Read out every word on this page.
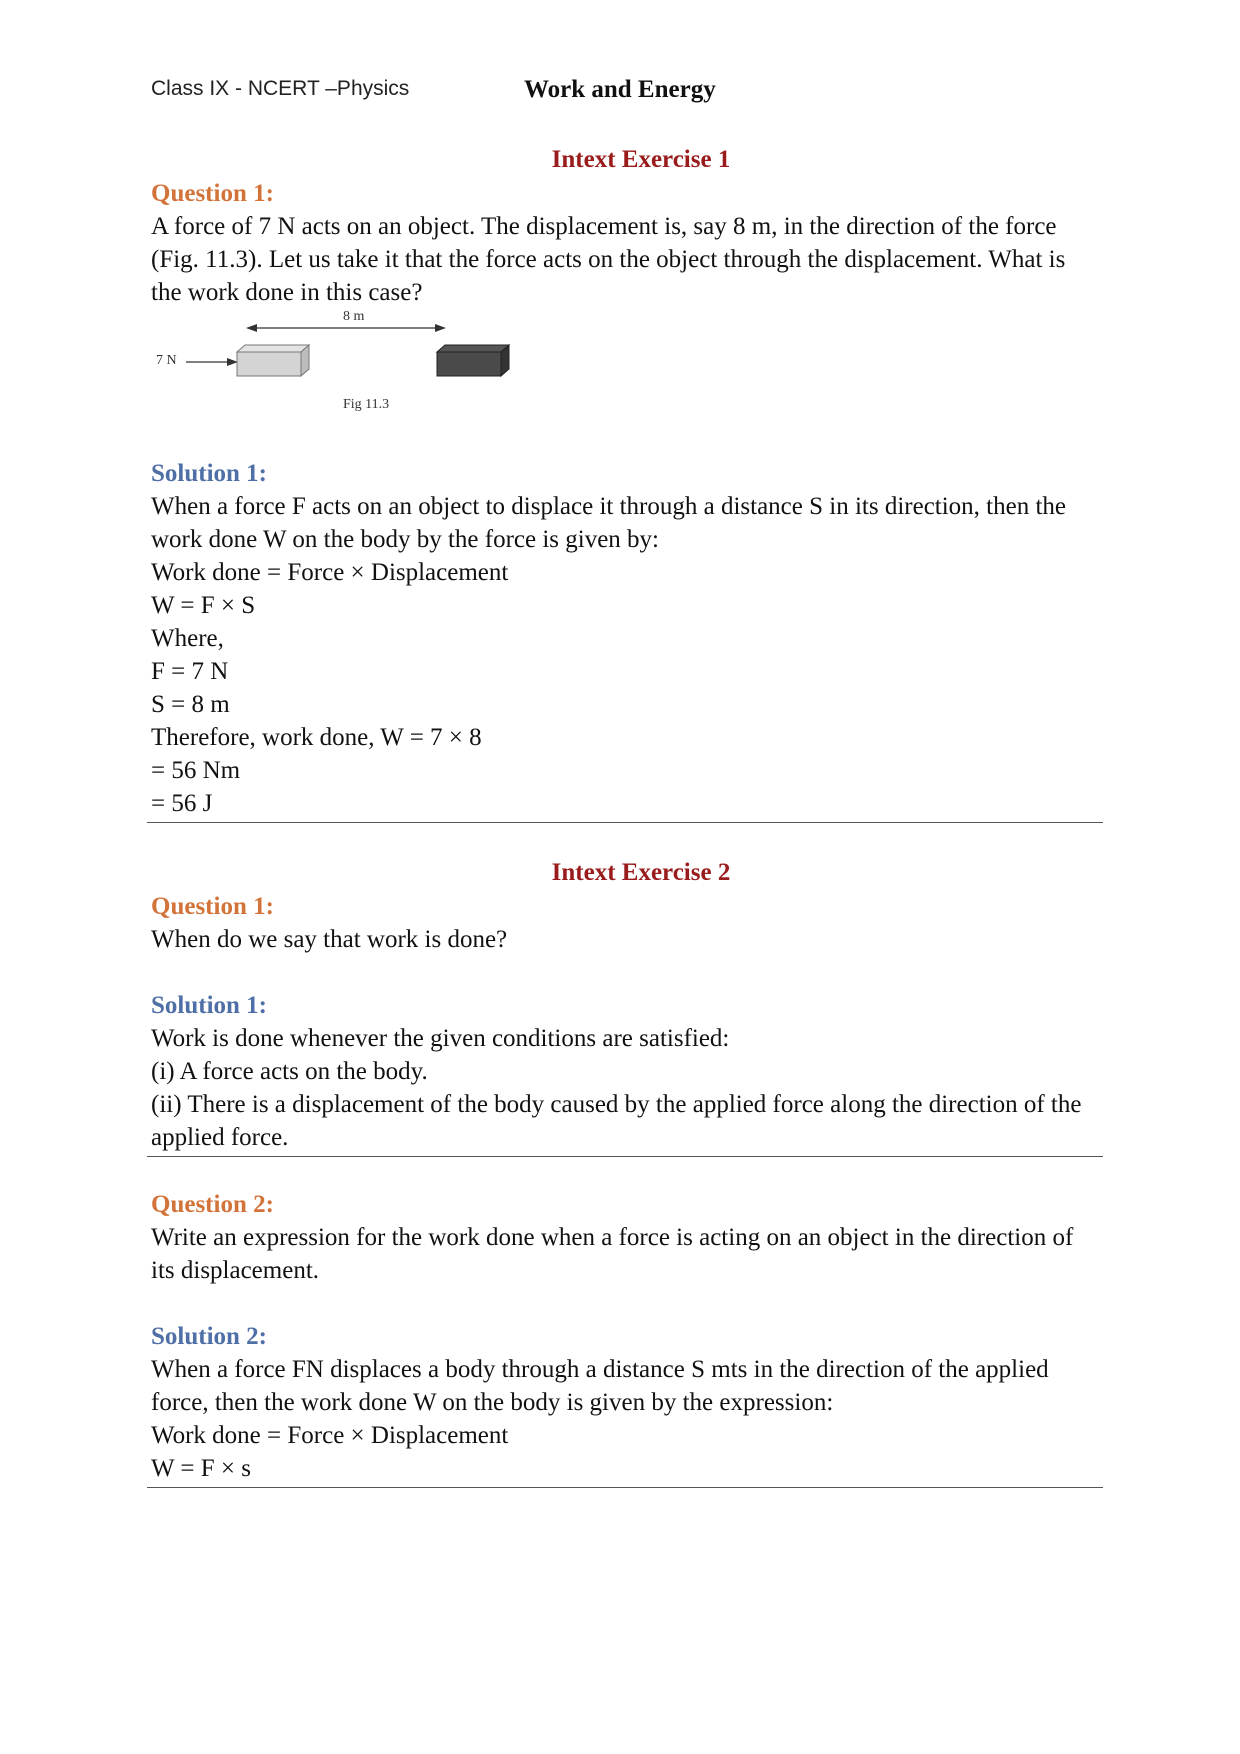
Class IX - NCERT –Physics	Work and Energy
Intext Exercise 1
Question 1:

A force of 7 N acts on an object. The displacement is, say 8 m, in the direction of the force (Fig. 11.3). Let us take it that the force acts on the object through the displacement. What is the work done in this case?

8 m
7 N
Fig 11.3
Solution 1:

When a force F acts on an object to displace it through a distance S in its direction, then the work done W on the body by the force is given by:

Work done = Force × Displacement
W = F × S
Where,
F = 7 N
S = 8 m
Therefore, work done, W = 7 × 8
= 56 Nm
= 56 J
Intext Exercise 2
Question 1:

When do we say that work is done?

Solution 1:
Work is done whenever the given conditions are satisfied:
(i) A force acts on the body.

(ii) There is a displacement of the body caused by the applied force along the direction of the applied force.

Question 2:

Write an expression for the work done when a force is acting on an object in the direction of its displacement.

Solution 2:

When a force FN displaces a body through a distance S mts in the direction of the applied force, then the work done W on the body is given by the expression:

Work done = Force × Displacement
W = F × s
